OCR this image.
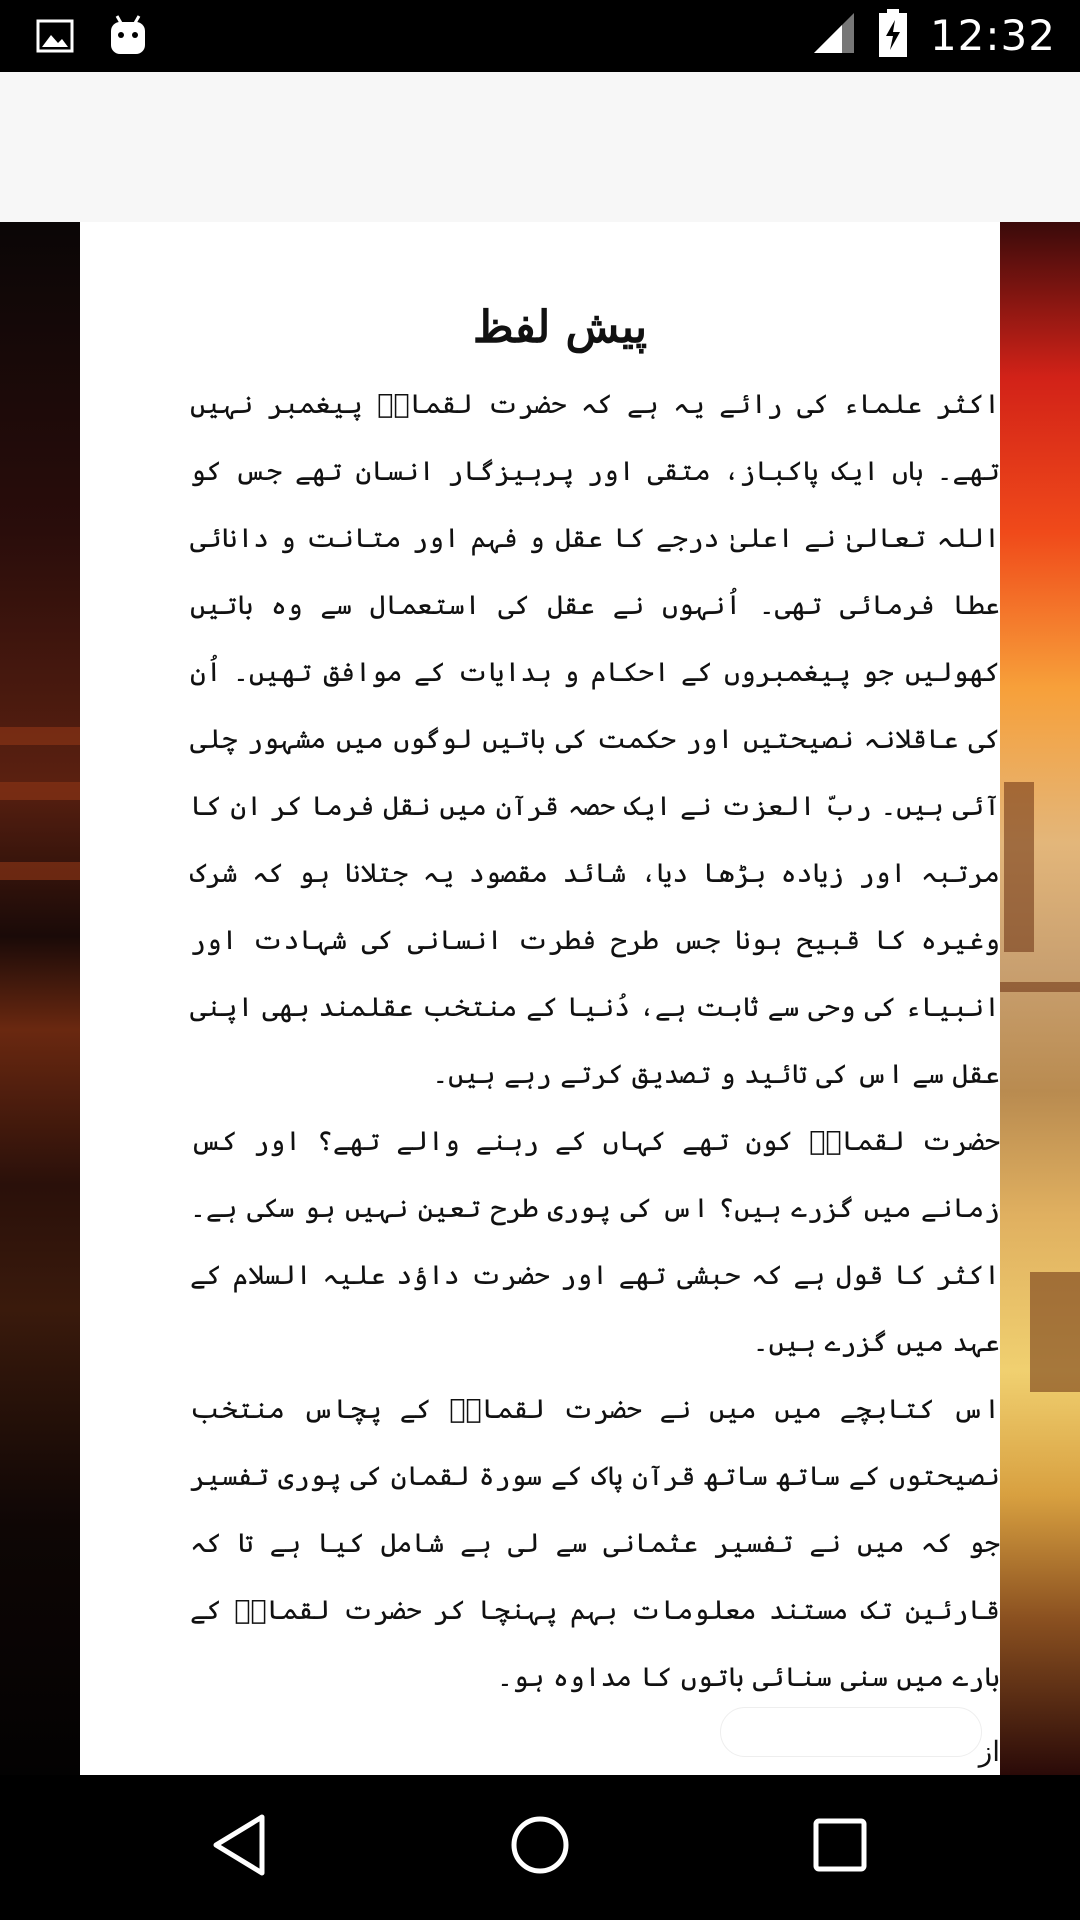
12:32
پیش لفظ

اکثر علماء کی رائے یہ ہے کہ حضرت لقمانؑ پیغمبر نہیں تھے۔ ہاں ایک پاکباز، متقی اور پرہیزگار انسان تھے جس کو اللہ تعالیٰ نے اعلیٰ درجے کا عقل و فہم اور متانت و دانائی عطا فرمائی تھی۔ اُنہوں نے عقل کی استعمال سے وہ باتیں کھولیں جو پیغمبروں کے احکام و ہدایات کے موافق تھیں۔ اُن کی عاقلانہ نصیحتیں اور حکمت کی باتیں لوگوں میں مشہور چلی آئی ہیں۔ ربّ العزت نے ایک حصہ قرآن میں نقل فرما کر ان کا مرتبہ اور زیادہ بڑھا دیا، شائد مقصود یہ جتلانا ہو کہ شرک وغیرہ کا قبیح ہونا جس طرح فطرت انسانی کی شہادت اور انبیاء کی وحی سے ثابت ہے، دُنیا کے منتخب عقلمند بھی اپنی عقل سے اس کی تائید و تصدیق کرتے رہے ہیں۔

حضرت لقمانؑ کون تھے کہاں کے رہنے والے تھے؟ اور کس زمانے میں گزرے ہیں؟ اس کی پوری طرح تعین نہیں ہو سکی ہے۔ اکثر کا قول ہے کہ حبشی تھے اور حضرت داؤد علیہ السلام کے عہد میں گزرے ہیں۔

اس کتابچے میں میں نے حضرت لقمانؑ کے پچاس منتخب نصیحتوں کے ساتھ ساتھ قرآن پاک کے سورۃ لقمان کی پوری تفسیر جو کہ میں نے تفسیر عثمانی سے لی ہے شامل کیا ہے تا کہ قارئین تک مستند معلومات بہم پہنچا کر حضرت لقمانؑ کے بارے میں سنی سنائی باتوں کا مداوہ ہو۔

از
